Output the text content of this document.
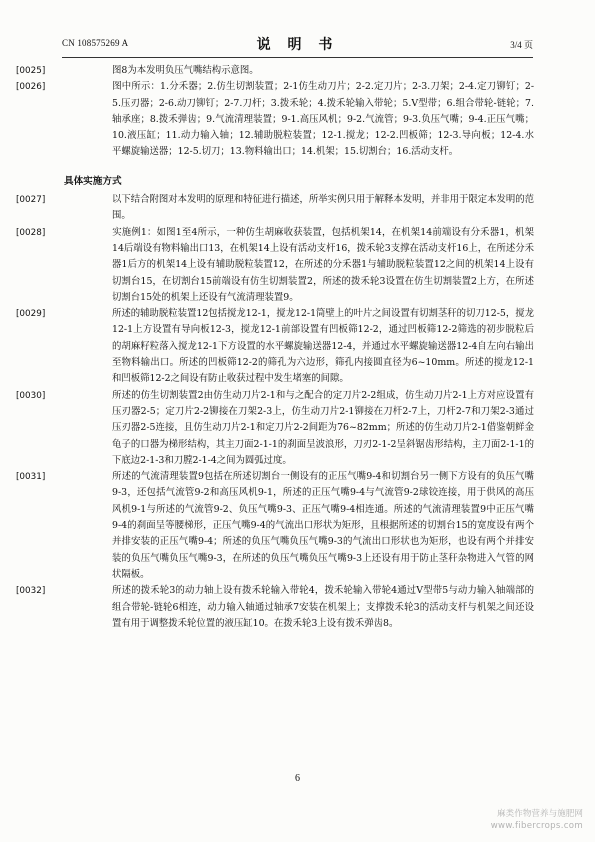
CN 108575269 A	说 明 书	3/4 页

[0025]	图8为本发明负压气嘴结构示意图。

[0026]	图中所示：1.分禾器；2.仿生切割装置；2-1仿生动刀片；2-2.定刀片；2-3.刀架；2-4.定刀铆钉；2-5.压刃器；2-6.动刀铆钉；2-7.刀杆；3.拨禾轮；4.拨禾轮输入带轮；5.V型带；6.组合带轮-链轮；7.轴承座；8.拨禾弹齿；9.气流清理装置；9-1.高压风机；9-2.气流管；9-3.负压气嘴；9-4.正压气嘴；10.液压缸；11.动力输入轴；12.辅助脱粒装置；12-1.搅龙；12-2.凹板筛；12-3.导向板；12-4.水平螺旋输送器；12-5.切刀；13.物料输出口；14.机架；15.切割台；16.活动支杆。

具体实施方式

[0027]	以下结合附图对本发明的原理和特征进行描述，所举实例只用于解释本发明，并非用于限定本发明的范围。

[0028]	实施例1：如图1至4所示，一种仿生胡麻收获装置，包括机架14，在机架14前端设有分禾器1，机架14后端设有物料输出口13，在机架14上设有活动支杆16，拨禾轮3支撑在活动支杆16上，在所述分禾器1后方的机架14上设有辅助脱粒装置12，在所述的分禾器1与辅助脱粒装置12之间的机架14上设有切割台15，在切割台15前端设有仿生切割装置2，所述的拨禾轮3设置在仿生切割装置2上方，在所述切割台15处的机架上还设有气流清理装置9。

[0029]	所述的辅助脱粒装置12包括搅龙12-1，搅龙12-1筒壁上的叶片之间设置有切割茎秆的切刀12-5，搅龙12-1上方设置有导向板12-3，搅龙12-1前部设置有凹板筛12-2，通过凹板筛12-2筛选的初步脱粒后的胡麻籽粒落入搅龙12-1下方设置的水平螺旋输送器12-4，并通过水平螺旋输送器12-4自左向右输出至物料输出口。所述的凹板筛12-2的筛孔为六边形，筛孔内接圆直径为6~10mm。所述的搅龙12-1和凹板筛12-2之间设有防止收获过程中发生堵塞的间隙。

[0030]	所述的仿生切割装置2由仿生动刀片2-1和与之配合的定刀片2-2组成，仿生动刀片2-1上方对应设置有压刃器2-5；定刀片2-2铆接在刀架2-3上，仿生动刀片2-1铆接在刀杆2-7上，刀杆2-7和刀架2-3通过压刃器2-5连接，且仿生动刀片2-1和定刀片2-2间距为76~82mm；所述的仿生动刀片2-1借鉴朝鲜金龟子的口器为梯形结构，其主刀面2-1-1的刹面呈波浪形，刀刃2-1-2呈斜锯齿形结构，主刀面2-1-1的下底边2-1-3和刀膛2-1-4之间为圆弧过度。

[0031]	所述的气流清理装置9包括在所述切割台一侧设有的正压气嘴9-4和切割台另一侧下方设有的负压气嘴9-3，还包括气流管9-2和高压风机9-1，所述的正压气嘴9-4与气流管9-2球铰连接，用于供风的高压风机9-1与所述的气流管9-2、负压气嘴9-3、正压气嘴9-4相连通。所述的气流清理装置9中正压气嘴9-4的刹面呈等腰梯形，正压气嘴9-4的气流出口形状为矩形，且根据所述的切割台15的宽度设有两个并排安装的正压气嘴9-4；所述的负压气嘴负压气嘴9-3的气流出口形状也为矩形，也设有两个并排安装的负压气嘴负压气嘴9-3，在所述的负压气嘴负压气嘴9-3上还设有用于防止茎秆杂物进入气管的网状隔板。

[0032]	所述的拨禾轮3的动力轴上设有拨禾轮输入带轮4，拨禾轮输入带轮4通过V型带5与动力输入轴端部的组合带轮-链轮6相连，动力输入轴通过轴承7安装在机架上；支撑拨禾轮3的活动支杆与机架之间还设置有用于调整拨禾轮位置的液压缸10。在拨禾轮3上设有拨禾弹齿8。

6
麻类作物营养与施肥网
www.fibercrops.com
